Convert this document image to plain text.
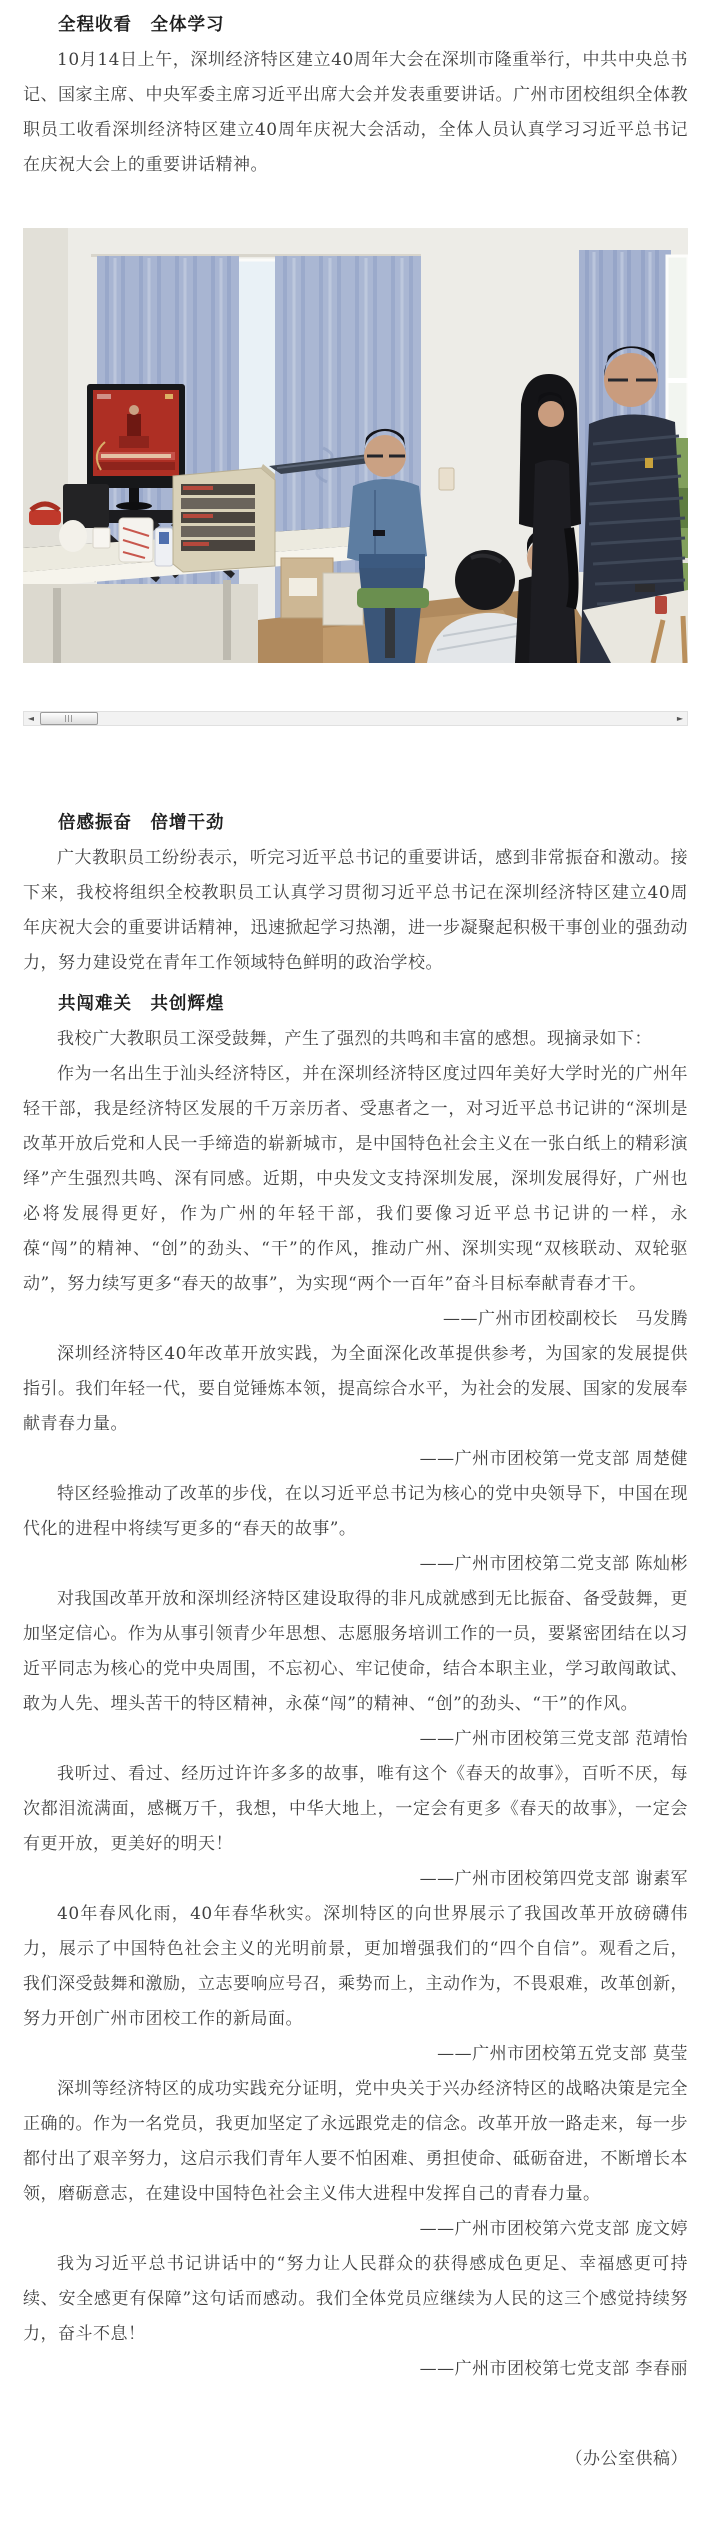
全程收看　全体学习

10月14日上午，深圳经济特区建立40周年大会在深圳市隆重举行，中共中央总书记、国家主席、中央军委主席习近平出席大会并发表重要讲话。广州市团校组织全体教职员工收看深圳经济特区建立40周年庆祝大会活动，全体人员认真学习习近平总书记在庆祝大会上的重要讲话精神。

◄	►
倍感振奋　倍增干劲

广大教职员工纷纷表示，听完习近平总书记的重要讲话，感到非常振奋和激动。接下来，我校将组织全校教职员工认真学习贯彻习近平总书记在深圳经济特区建立40周年庆祝大会的重要讲话精神，迅速掀起学习热潮，进一步凝聚起积极干事创业的强劲动力，努力建设党在青年工作领域特色鲜明的政治学校。

共闯难关　共创辉煌

我校广大教职员工深受鼓舞，产生了强烈的共鸣和丰富的感想。现摘录如下：

作为一名出生于汕头经济特区，并在深圳经济特区度过四年美好大学时光的广州年轻干部，我是经济特区发展的千万亲历者、受惠者之一，对习近平总书记讲的“深圳是改革开放后党和人民一手缔造的崭新城市，是中国特色社会主义在一张白纸上的精彩演绎”产生强烈共鸣、深有同感。近期，中央发文支持深圳发展，深圳发展得好，广州也必将发展得更好，作为广州的年轻干部，我们要像习近平总书记讲的一样，永葆“闯”的精神、“创”的劲头、“干”的作风，推动广州、深圳实现“双核联动、双轮驱动”，努力续写更多“春天的故事”，为实现“两个一百年”奋斗目标奉献青春才干。

——广州市团校副校长　马发腾

深圳经济特区40年改革开放实践，为全面深化改革提供参考，为国家的发展提供指引。我们年轻一代，要自觉锤炼本领，提高综合水平，为社会的发展、国家的发展奉献青春力量。

——广州市团校第一党支部 周楚健

特区经验推动了改革的步伐，在以习近平总书记为核心的党中央领导下，中国在现代化的进程中将续写更多的“春天的故事”。

——广州市团校第二党支部 陈灿彬

对我国改革开放和深圳经济特区建设取得的非凡成就感到无比振奋、备受鼓舞，更加坚定信心。作为从事引领青少年思想、志愿服务培训工作的一员，要紧密团结在以习近平同志为核心的党中央周围，不忘初心、牢记使命，结合本职主业，学习敢闯敢试、敢为人先、埋头苦干的特区精神，永葆“闯”的精神、“创”的劲头、“干”的作风。

——广州市团校第三党支部 范靖怡

我听过、看过、经历过许许多多的故事，唯有这个《春天的故事》，百听不厌，每次都泪流满面，感概万千，我想，中华大地上，一定会有更多《春天的故事》，一定会有更开放，更美好的明天！

——广州市团校第四党支部 谢素军

40年春风化雨，40年春华秋实。深圳特区的向世界展示了我国改革开放磅礴伟力，展示了中国特色社会主义的光明前景，更加增强我们的“四个自信”。观看之后，我们深受鼓舞和激励，立志要响应号召，乘势而上，主动作为，不畏艰难，改革创新，努力开创广州市团校工作的新局面。

——广州市团校第五党支部 莫莹

深圳等经济特区的成功实践充分证明，党中央关于兴办经济特区的战略决策是完全正确的。作为一名党员，我更加坚定了永远跟党走的信念。改革开放一路走来，每一步都付出了艰辛努力，这启示我们青年人要不怕困难、勇担使命、砥砺奋进，不断增长本领，磨砺意志，在建设中国特色社会主义伟大进程中发挥自己的青春力量。

——广州市团校第六党支部 庞文婷

我为习近平总书记讲话中的“努力让人民群众的获得感成色更足、幸福感更可持续、安全感更有保障”这句话而感动。我们全体党员应继续为人民的这三个感觉持续努力，奋斗不息！

——广州市团校第七党支部 李春丽

（办公室供稿）
